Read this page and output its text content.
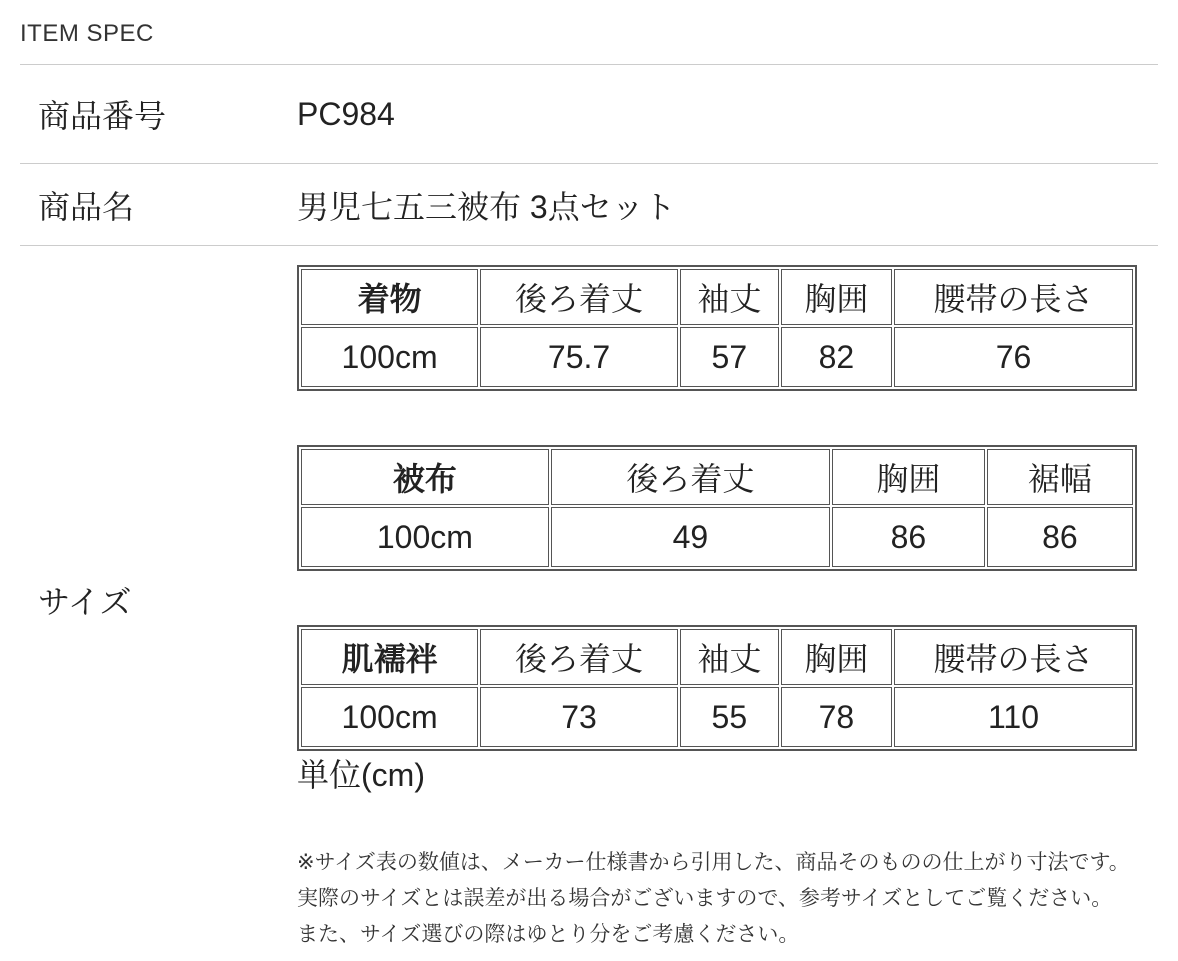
ITEM SPEC
商品番号	PC984
商品名	男児七五三被布 3点セット
サイズ
着物	後ろ着丈	袖丈	胸囲	腰帯の長さ
100cm	75.7	57	82	76
被布	後ろ着丈	胸囲	裾幅
100cm	49	86	86
肌襦袢	後ろ着丈	袖丈	胸囲	腰帯の長さ
100cm	73	55	78	110
単位(cm)
※サイズ表の数値は、メーカー仕様書から引用した、商品そのものの仕上がり寸法です。
実際のサイズとは誤差が出る場合がございますので、参考サイズとしてご覧ください。
また、サイズ選びの際はゆとり分をご考慮ください。
